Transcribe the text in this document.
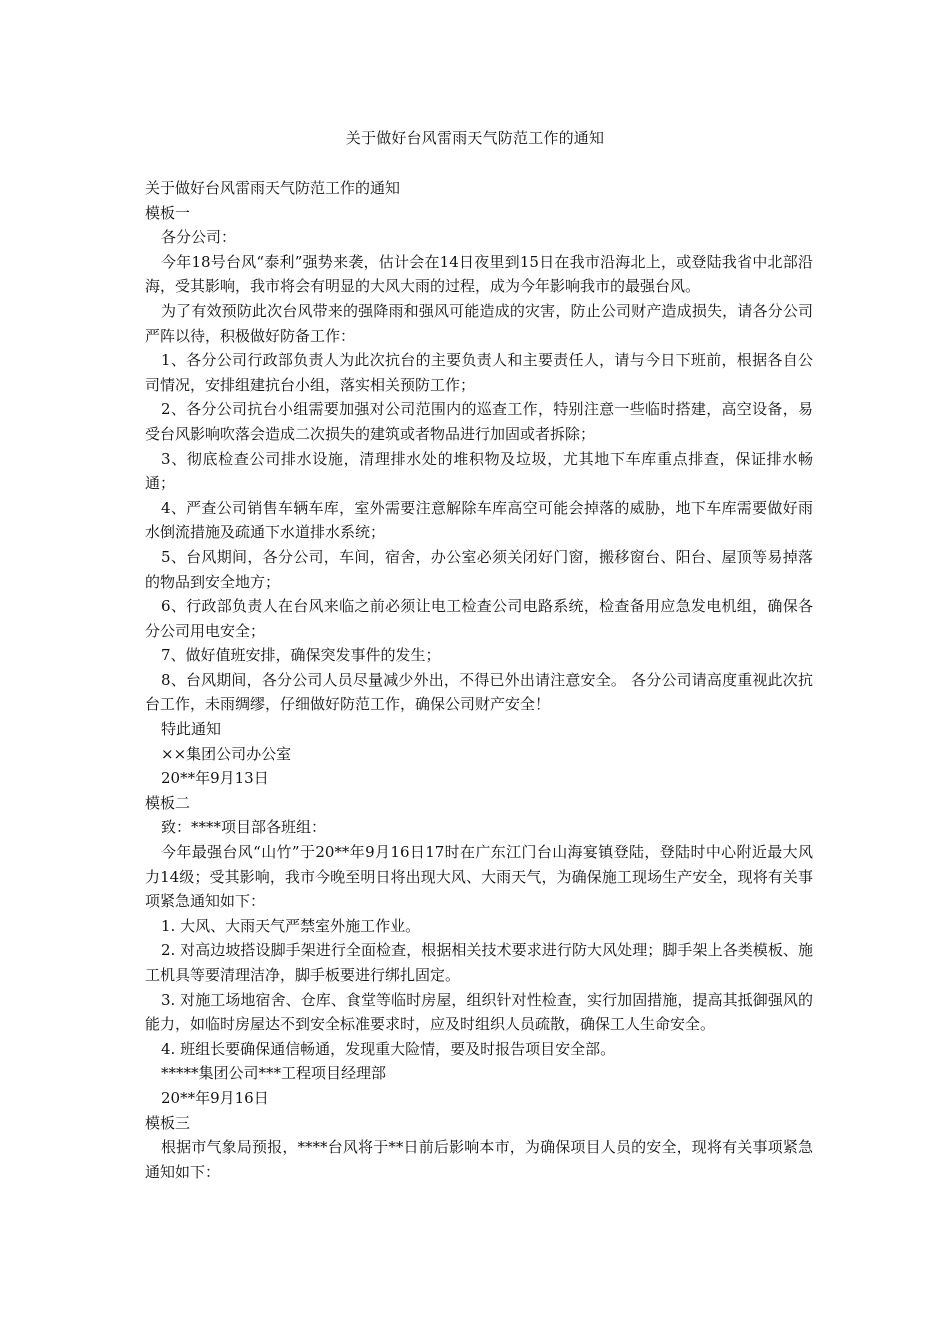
关于做好台风雷雨天气防范工作的通知

关于做好台风雷雨天气防范工作的通知

模板一

各分公司：

今年18号台风“泰利”强势来袭，估计会在14日夜里到15日在我市沿海北上，或登陆我省中北部沿海，受其影响，我市将会有明显的大风大雨的过程，成为今年影响我市的最强台风。

为了有效预防此次台风带来的强降雨和强风可能造成的灾害，防止公司财产造成损失，请各分公司严阵以待，积极做好防备工作：

1、各分公司行政部负责人为此次抗台的主要负责人和主要责任人，请与今日下班前，根据各自公司情况，安排组建抗台小组，落实相关预防工作；

2、各分公司抗台小组需要加强对公司范围内的巡查工作，特别注意一些临时搭建，高空设备，易受台风影响吹落会造成二次损失的建筑或者物品进行加固或者拆除；

3、彻底检查公司排水设施，清理排水处的堆积物及垃圾，尤其地下车库重点排查，保证排水畅通；

4、严查公司销售车辆车库，室外需要注意解除车库高空可能会掉落的威胁，地下车库需要做好雨水倒流措施及疏通下水道排水系统；

5、台风期间，各分公司，车间，宿舍，办公室必须关闭好门窗，搬移窗台、阳台、屋顶等易掉落的物品到安全地方；

6、行政部负责人在台风来临之前必须让电工检查公司电路系统，检查备用应急发电机组，确保各分公司用电安全；

7、做好值班安排，确保突发事件的发生；

8、台风期间，各分公司人员尽量减少外出，不得已外出请注意安全。 各分公司请高度重视此次抗台工作，未雨绸缪，仔细做好防范工作，确保公司财产安全！

特此通知

××集团公司办公室

20**年9月13日

模板二

致：****项目部各班组：

今年最强台风“山竹”于20**年9月16日17时在广东江门台山海宴镇登陆，登陆时中心附近最大风力14级；受其影响，我市今晚至明日将出现大风、大雨天气，为确保施工现场生产安全，现将有关事项紧急通知如下：

1. 大风、大雨天气严禁室外施工作业。

2. 对高边坡搭设脚手架进行全面检查，根据相关技术要求进行防大风处理；脚手架上各类模板、施工机具等要清理洁净，脚手板要进行绑扎固定。

3. 对施工场地宿舍、仓库、食堂等临时房屋，组织针对性检查，实行加固措施，提高其抵御强风的能力，如临时房屋达不到安全标准要求时，应及时组织人员疏散，确保工人生命安全。

4. 班组长要确保通信畅通，发现重大险情，要及时报告项目安全部。

*****集团公司***工程项目经理部

20**年9月16日

模板三

根据市气象局预报，****台风将于**日前后影响本市，为确保项目人员的安全，现将有关事项紧急通知如下：
